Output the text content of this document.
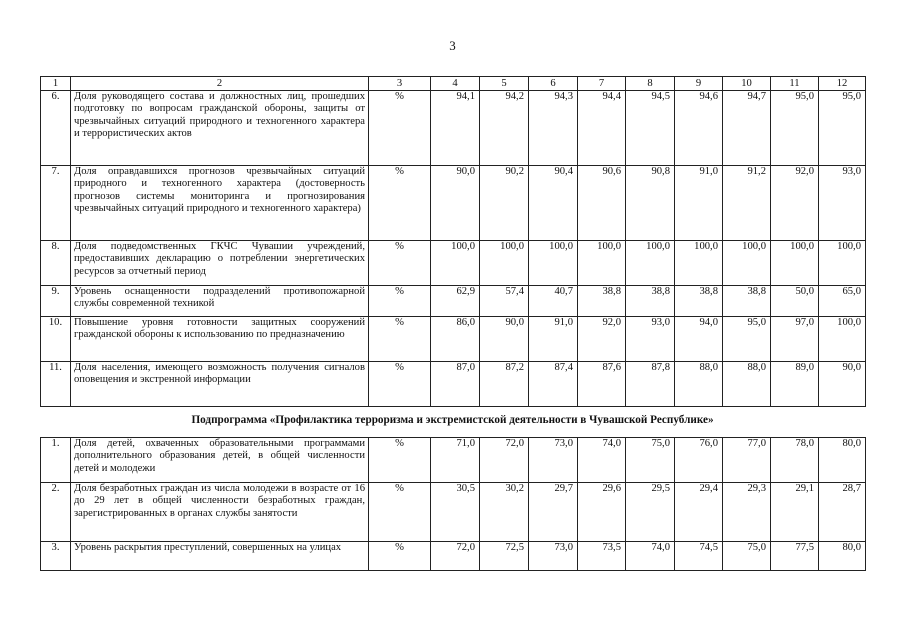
3
1	2	3	4	5	6	7	8	9	10	11	12
6.	Доля руководящего состава и должностных лиц, прошедших подготовку по вопросам гражданской обороны, защиты от чрезвычайных ситуаций природного и техногенного характера и террористических актов	%	94,1	94,2	94,3	94,4	94,5	94,6	94,7	95,0	95,0
7.	Доля оправдавшихся прогнозов чрезвычайных ситуаций природного и техногенного характера (достоверность прогнозов системы мониторинга и прогнозирования чрезвычайных ситуаций природного и техногенного характера)	%	90,0	90,2	90,4	90,6	90,8	91,0	91,2	92,0	93,0
8.	Доля подведомственных ГКЧС Чувашии учреждений, предоставивших декларацию о потреблении энергетических ресурсов за отчетный период	%	100,0	100,0	100,0	100,0	100,0	100,0	100,0	100,0	100,0
9.	Уровень оснащенности подразделений противопожарной службы современной техникой	%	62,9	57,4	40,7	38,8	38,8	38,8	38,8	50,0	65,0
10.	Повышение уровня готовности защитных сооружений гражданской обороны к использованию по предназначению	%	86,0	90,0	91,0	92,0	93,0	94,0	95,0	97,0	100,0
11.	Доля населения, имеющего возможность получения сигналов оповещения и экстренной информации	%	87,0	87,2	87,4	87,6	87,8	88,0	88,0	89,0	90,0
Подпрограмма «Профилактика терроризма и экстремистской деятельности в Чувашской Республике»
1.	Доля детей, охваченных образовательными программами дополнительного образования детей, в общей численности детей и молодежи	%	71,0	72,0	73,0	74,0	75,0	76,0	77,0	78,0	80,0
2.	Доля безработных граждан из числа молодежи в возрасте от 16 до 29 лет в общей численности безработных граждан, зарегистрированных в органах службы занятости	%	30,5	30,2	29,7	29,6	29,5	29,4	29,3	29,1	28,7
3.	Уровень раскрытия преступлений, совершенных на улицах	%	72,0	72,5	73,0	73,5	74,0	74,5	75,0	77,5	80,0
